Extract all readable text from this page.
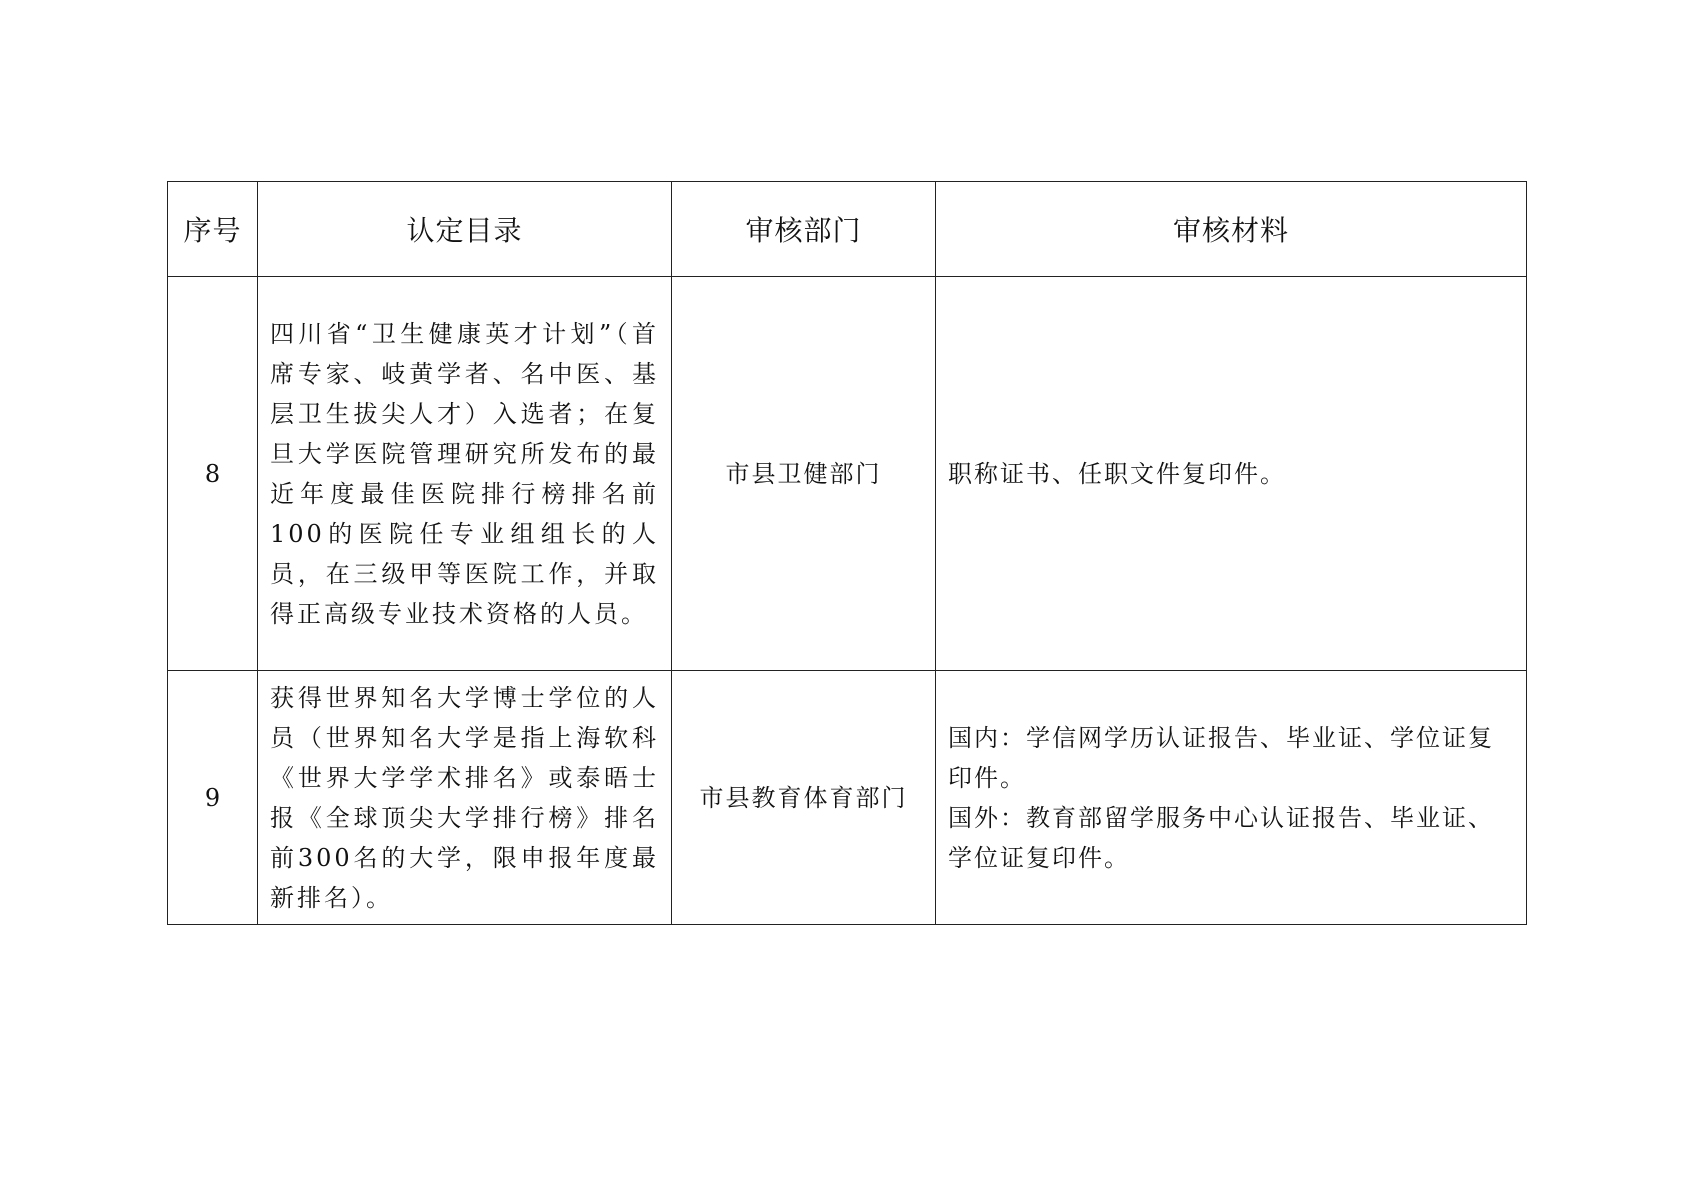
序号	认定目录	审核部门	审核材料
8	四川省“卫生健康英才计划”（首席专家、岐黄学者、名中医、基层卫生拔尖人才）入选者；在复旦大学医院管理研究所发布的最近年度最佳医院排行榜排名前100的医院任专业组组长的人员，在三级甲等医院工作，并取得正高级专业技术资格的人员。	市县卫健部门	职称证书、任职文件复印件。

9	获得世界知名大学博士学位的人员（世界知名大学是指上海软科《世界大学学术排名》或泰晤士报《全球顶尖大学排行榜》排名前300名的大学，限申报年度最新排名）。	市县教育体育部门	国内：学信网学历认证报告、毕业证、学位证复印件。
国外：教育部留学服务中心认证报告、毕业证、学位证复印件。
